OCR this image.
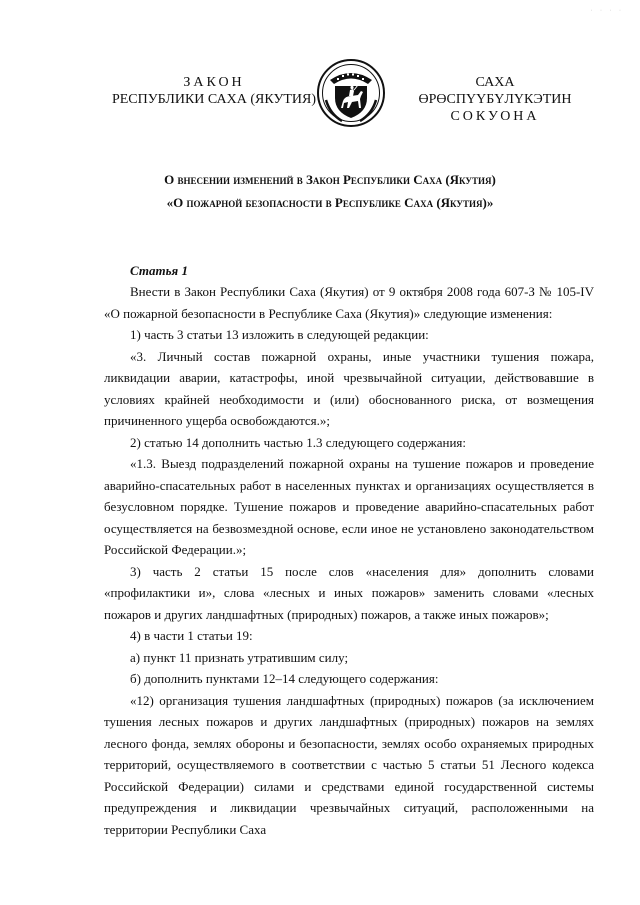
· · · ·
ЗАКОН
РЕСПУБЛИКИ САХА (ЯКУТИЯ)
САХА ӨРӨСПҮҮБҮЛҮКЭТИН
СОКУОНА
О внесении изменений в Закон Республики Саха (Якутия)
«О пожарной безопасности в Республике Саха (Якутия)»
Статья 1

Внести в Закон Республики Саха (Якутия) от 9 октября 2008 года 607-З № 105-IV «О пожарной безопасности в Республике Саха (Якутия)» следующие изменения:

1) часть 3 статьи 13 изложить в следующей редакции:

«3. Личный состав пожарной охраны, иные участники тушения пожара, ликвидации аварии, катастрофы, иной чрезвычайной ситуации, действовавшие в условиях крайней необходимости и (или) обоснованного риска, от возмещения причиненного ущерба освобождаются.»;

2) статью 14 дополнить частью 1.3 следующего содержания:

«1.3. Выезд подразделений пожарной охраны на тушение пожаров и проведение аварийно-спасательных работ в населенных пунктах и организациях осуществляется в безусловном порядке. Тушение пожаров и проведение аварийно-спасательных работ осуществляется на безвозмездной основе, если иное не установлено законодательством Российской Федерации.»;

3) часть 2 статьи 15 после слов «населения для» дополнить словами «профилактики и», слова «лесных и иных пожаров» заменить словами «лесных пожаров и других ландшафтных (природных) пожаров, а также иных пожаров»;

4) в части 1 статьи 19:

а) пункт 11 признать утратившим силу;

б) дополнить пунктами 12–14 следующего содержания:

«12) организация тушения ландшафтных (природных) пожаров (за исключением тушения лесных пожаров и других ландшафтных (природных) пожаров на землях лесного фонда, землях обороны и безопасности, землях особо охраняемых природных территорий, осуществляемого в соответствии с частью 5 статьи 51 Лесного кодекса Российской Федерации) силами и средствами единой государственной системы предупреждения и ликвидации чрезвычайных ситуаций, расположенными на территории Республики Саха
